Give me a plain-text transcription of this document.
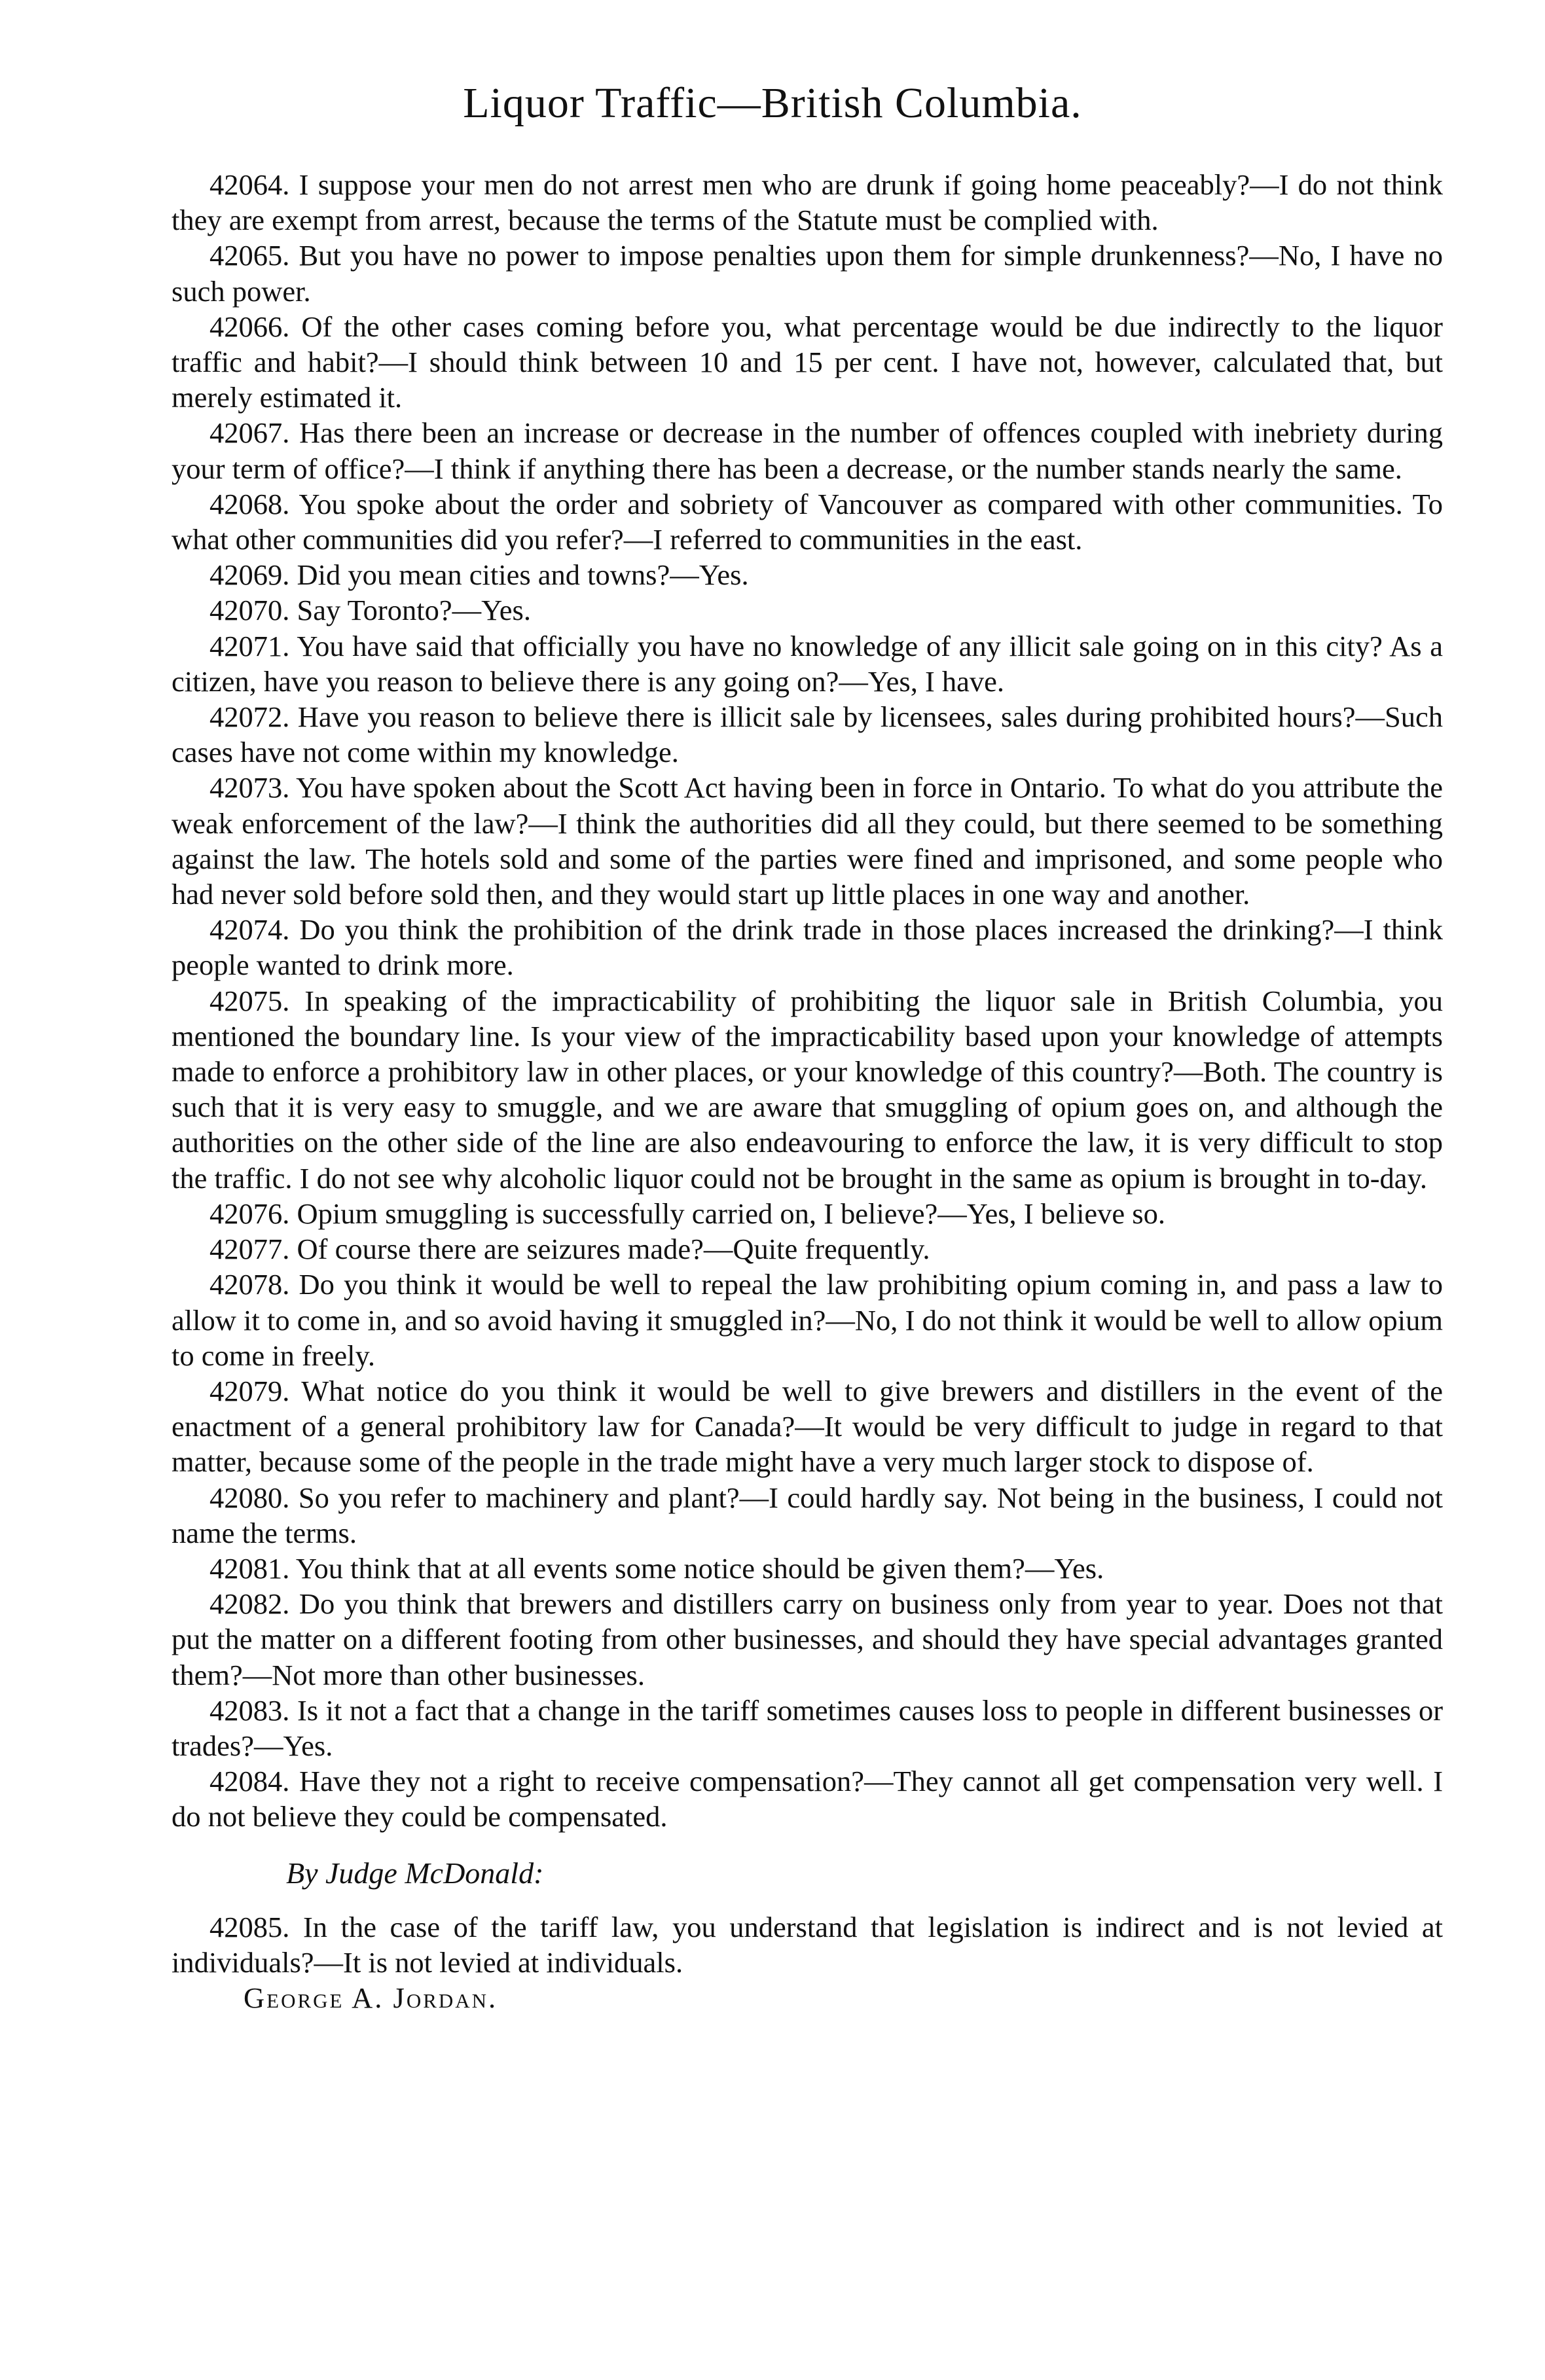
Liquor Traffic—British Columbia.

42064. I suppose your men do not arrest men who are drunk if going home peaceably?—I do not think they are exempt from arrest, because the terms of the Statute must be complied with.

42065. But you have no power to impose penalties upon them for simple drunkenness?—No, I have no such power.

42066. Of the other cases coming before you, what percentage would be due indirectly to the liquor traffic and habit?—I should think between 10 and 15 per cent. I have not, however, calculated that, but merely estimated it.

42067. Has there been an increase or decrease in the number of offences coupled with inebriety during your term of office?—I think if anything there has been a decrease, or the number stands nearly the same.

42068. You spoke about the order and sobriety of Vancouver as compared with other communities. To what other communities did you refer?—I referred to communities in the east.

42069. Did you mean cities and towns?—Yes.

42070. Say Toronto?—Yes.

42071. You have said that officially you have no knowledge of any illicit sale going on in this city? As a citizen, have you reason to believe there is any going on?—Yes, I have.

42072. Have you reason to believe there is illicit sale by licensees, sales during prohibited hours?—Such cases have not come within my knowledge.

42073. You have spoken about the Scott Act having been in force in Ontario. To what do you attribute the weak enforcement of the law?—I think the authorities did all they could, but there seemed to be something against the law. The hotels sold and some of the parties were fined and imprisoned, and some people who had never sold before sold then, and they would start up little places in one way and another.

42074. Do you think the prohibition of the drink trade in those places increased the drinking?—I think people wanted to drink more.

42075. In speaking of the impracticability of prohibiting the liquor sale in British Columbia, you mentioned the boundary line. Is your view of the impracticability based upon your knowledge of attempts made to enforce a prohibitory law in other places, or your knowledge of this country?—Both. The country is such that it is very easy to smuggle, and we are aware that smuggling of opium goes on, and although the authorities on the other side of the line are also endeavouring to enforce the law, it is very difficult to stop the traffic. I do not see why alcoholic liquor could not be brought in the same as opium is brought in to-day.

42076. Opium smuggling is successfully carried on, I believe?—Yes, I believe so.

42077. Of course there are seizures made?—Quite frequently.

42078. Do you think it would be well to repeal the law prohibiting opium coming in, and pass a law to allow it to come in, and so avoid having it smuggled in?—No, I do not think it would be well to allow opium to come in freely.

42079. What notice do you think it would be well to give brewers and distillers in the event of the enactment of a general prohibitory law for Canada?—It would be very difficult to judge in regard to that matter, because some of the people in the trade might have a very much larger stock to dispose of.

42080. So you refer to machinery and plant?—I could hardly say. Not being in the business, I could not name the terms.

42081. You think that at all events some notice should be given them?—Yes.

42082. Do you think that brewers and distillers carry on business only from year to year. Does not that put the matter on a different footing from other businesses, and should they have special advantages granted them?—Not more than other businesses.

42083. Is it not a fact that a change in the tariff sometimes causes loss to people in different businesses or trades?—Yes.

42084. Have they not a right to receive compensation?—They cannot all get compensation very well. I do not believe they could be compensated.

By Judge McDonald:

42085. In the case of the tariff law, you understand that legislation is indirect and is not levied at individuals?—It is not levied at individuals.

George A. Jordan.
